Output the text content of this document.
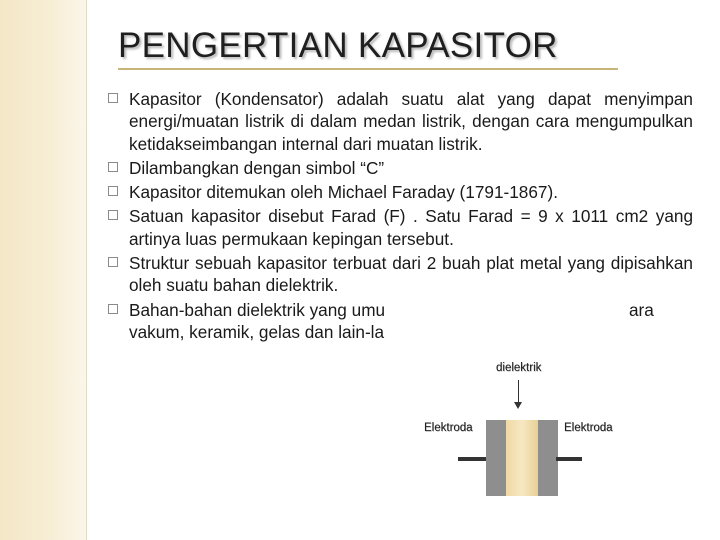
PENGERTIAN KAPASITOR
Kapasitor (Kondensator) adalah suatu alat yang dapat menyimpan energi/muatan listrik di dalam medan listrik, dengan cara mengumpulkan ketidakseimbangan internal dari muatan listrik.
Dilambangkan dengan simbol “C”
Kapasitor ditemukan oleh Michael Faraday (1791-1867).
Satuan kapasitor disebut Farad (F) . Satu Farad = 9 x 1011 cm2 yang artinya luas permukaan kepingan tersebut.
Struktur sebuah kapasitor terbuat dari 2 buah plat metal yang dipisahkan oleh suatu bahan dielektrik.
Bahan-bahan dielektrik yang umu	ara
vakum, keramik, gelas dan lain-la
dielektrik
Elektroda	Elektroda
